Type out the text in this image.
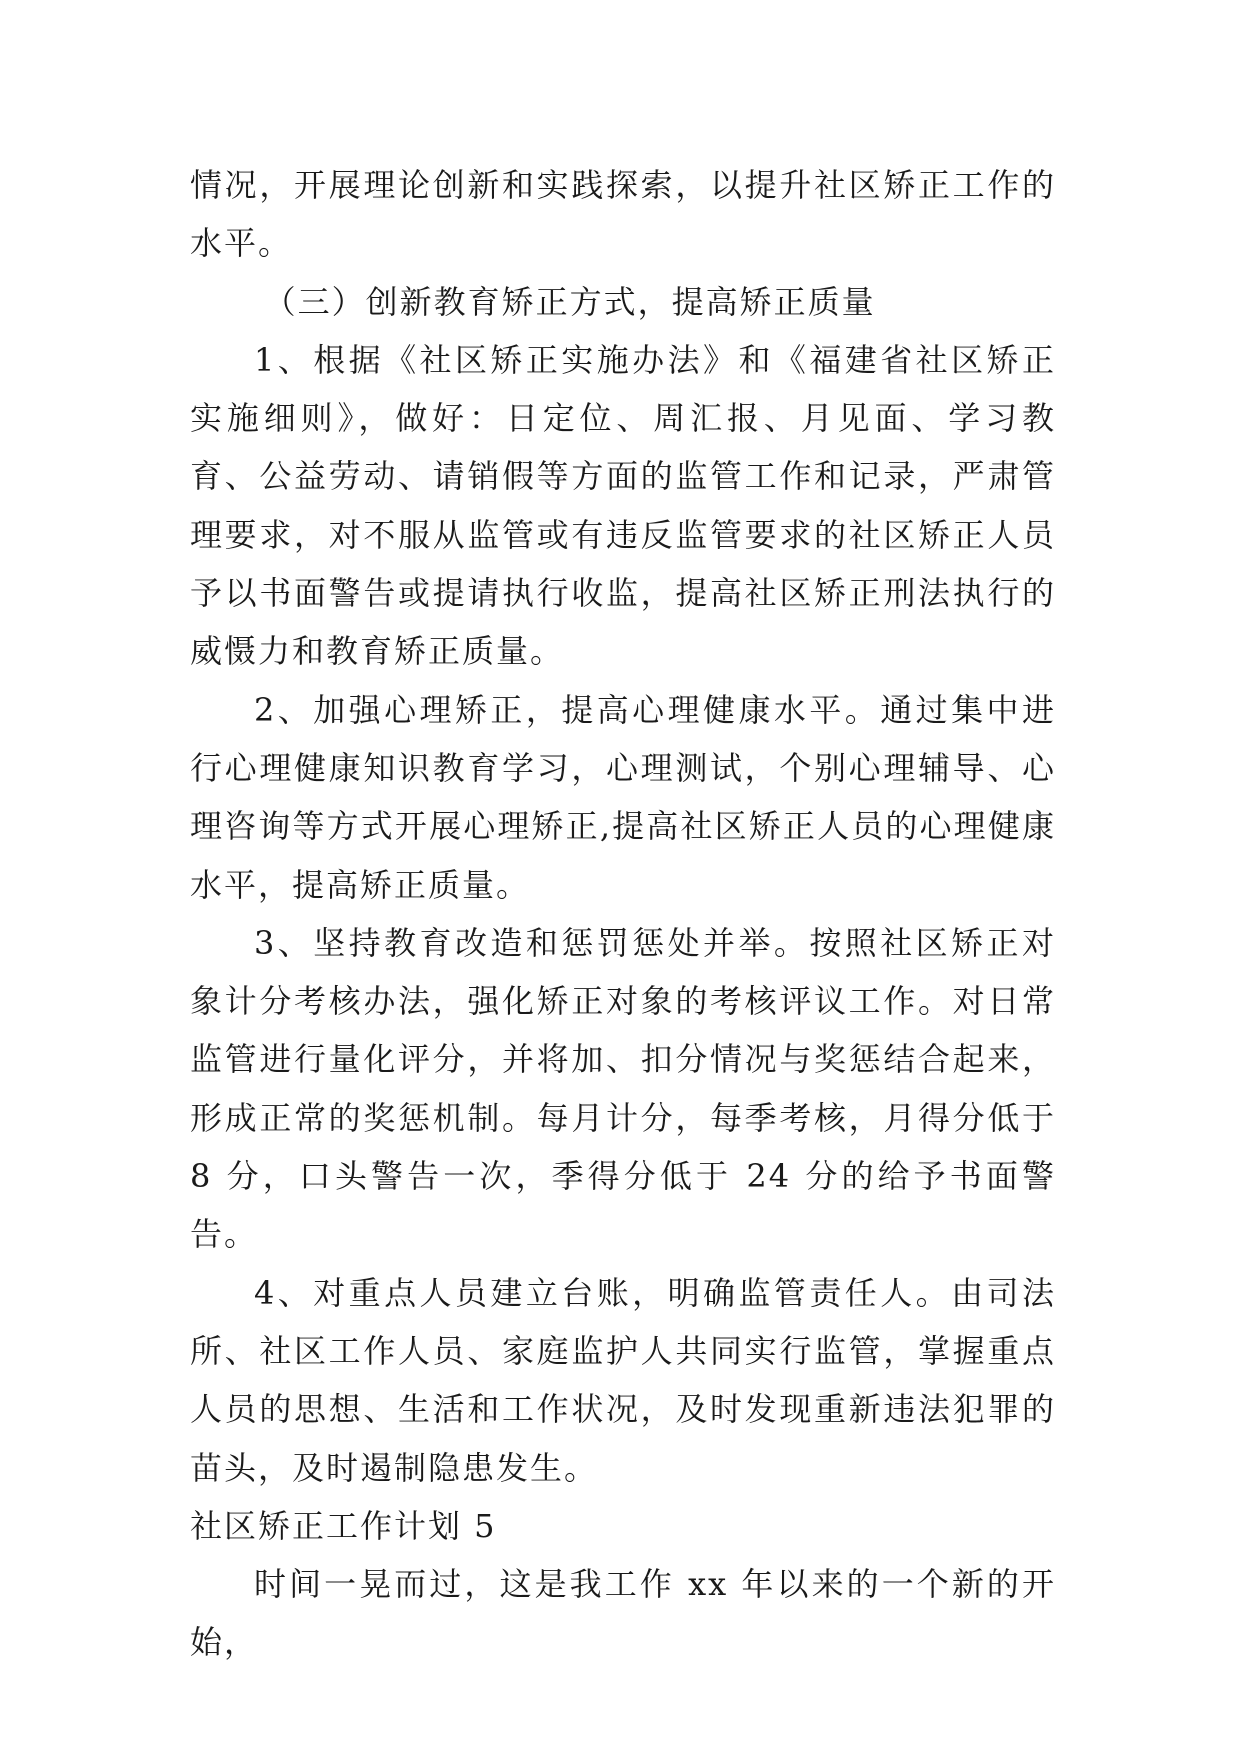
情况，开展理论创新和实践探索，以提升社区矫正工作的水平。

（三）创新教育矫正方式，提高矫正质量

1、根据《社区矫正实施办法》和《福建省社区矫正实施细则》，做好：日定位、周汇报、月见面、学习教育、公益劳动、请销假等方面的监管工作和记录，严肃管理要求，对不服从监管或有违反监管要求的社区矫正人员予以书面警告或提请执行收监，提高社区矫正刑法执行的威慑力和教育矫正质量。

2、加强心理矫正，提高心理健康水平。通过集中进行心理健康知识教育学习，心理测试，个别心理辅导、心理咨询等方式开展心理矫正,提高社区矫正人员的心理健康水平，提高矫正质量。

3、坚持教育改造和惩罚惩处并举。按照社区矫正对象计分考核办法，强化矫正对象的考核评议工作。对日常监管进行量化评分，并将加、扣分情况与奖惩结合起来，形成正常的奖惩机制。每月计分，每季考核，月得分低于 8 分，口头警告一次，季得分低于 24 分的给予书面警告。

4、对重点人员建立台账，明确监管责任人。由司法所、社区工作人员、家庭监护人共同实行监管，掌握重点人员的思想、生活和工作状况，及时发现重新违法犯罪的苗头，及时遏制隐患发生。

社区矫正工作计划 5

时间一晃而过，这是我工作 xx 年以来的一个新的开始，
